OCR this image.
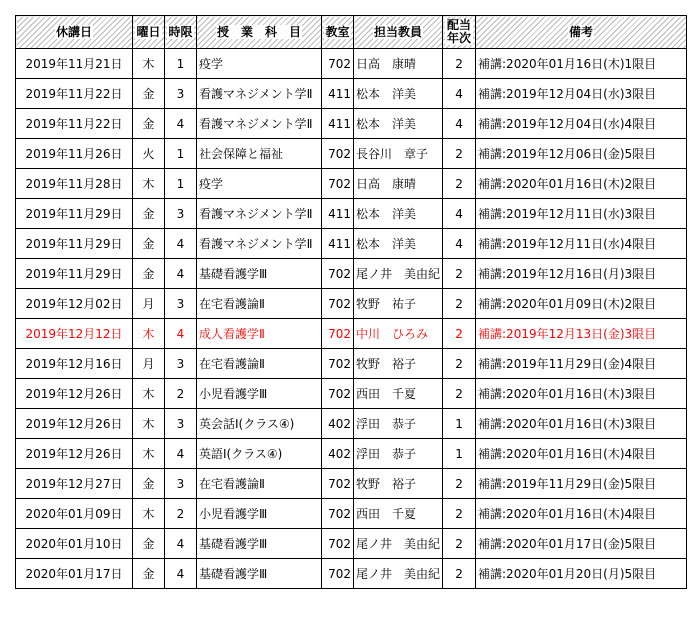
休講日	曜日	時限	授　業　科　目	教室	担当教員	配当年次	備考
2019年11月21日	木	1	疫学	702	日高　康晴	2	補講:2020年01月16日(木)1限目
2019年11月22日	金	3	看護マネジメント学Ⅱ	411	松本　洋美	4	補講:2019年12月04日(水)3限目
2019年11月22日	金	4	看護マネジメント学Ⅱ	411	松本　洋美	4	補講:2019年12月04日(水)4限目
2019年11月26日	火	1	社会保障と福祉	702	長谷川　章子	2	補講:2019年12月06日(金)5限目
2019年11月28日	木	1	疫学	702	日高　康晴	2	補講:2020年01月16日(木)2限目
2019年11月29日	金	3	看護マネジメント学Ⅱ	411	松本　洋美	4	補講:2019年12月11日(水)3限目
2019年11月29日	金	4	看護マネジメント学Ⅱ	411	松本　洋美	4	補講:2019年12月11日(水)4限目
2019年11月29日	金	4	基礎看護学Ⅲ	702	尾ノ井　美由紀	2	補講:2019年12月16日(月)3限目
2019年12月02日	月	3	在宅看護論Ⅱ	702	牧野　祐子	2	補講:2020年01月09日(木)2限目
2019年12月12日	木	4	成人看護学Ⅱ	702	中川　ひろみ	2	補講:2019年12月13日(金)3限目
2019年12月16日	月	3	在宅看護論Ⅱ	702	牧野　裕子	2	補講:2019年11月29日(金)4限目
2019年12月26日	木	2	小児看護学Ⅲ	702	西田　千夏	2	補講:2020年01月16日(木)3限目
2019年12月26日	木	3	英会話Ⅰ(クラス④)	402	浮田　恭子	1	補講:2020年01月16日(木)3限目
2019年12月26日	木	4	英語Ⅰ(クラス④)	402	浮田　恭子	1	補講:2020年01月16日(木)4限目
2019年12月27日	金	3	在宅看護論Ⅱ	702	牧野　裕子	2	補講:2019年11月29日(金)5限目
2020年01月09日	木	2	小児看護学Ⅲ	702	西田　千夏	2	補講:2020年01月16日(木)4限目
2020年01月10日	金	4	基礎看護学Ⅲ	702	尾ノ井　美由紀	2	補講:2020年01月17日(金)5限目
2020年01月17日	金	4	基礎看護学Ⅲ	702	尾ノ井　美由紀	2	補講:2020年01月20日(月)5限目
